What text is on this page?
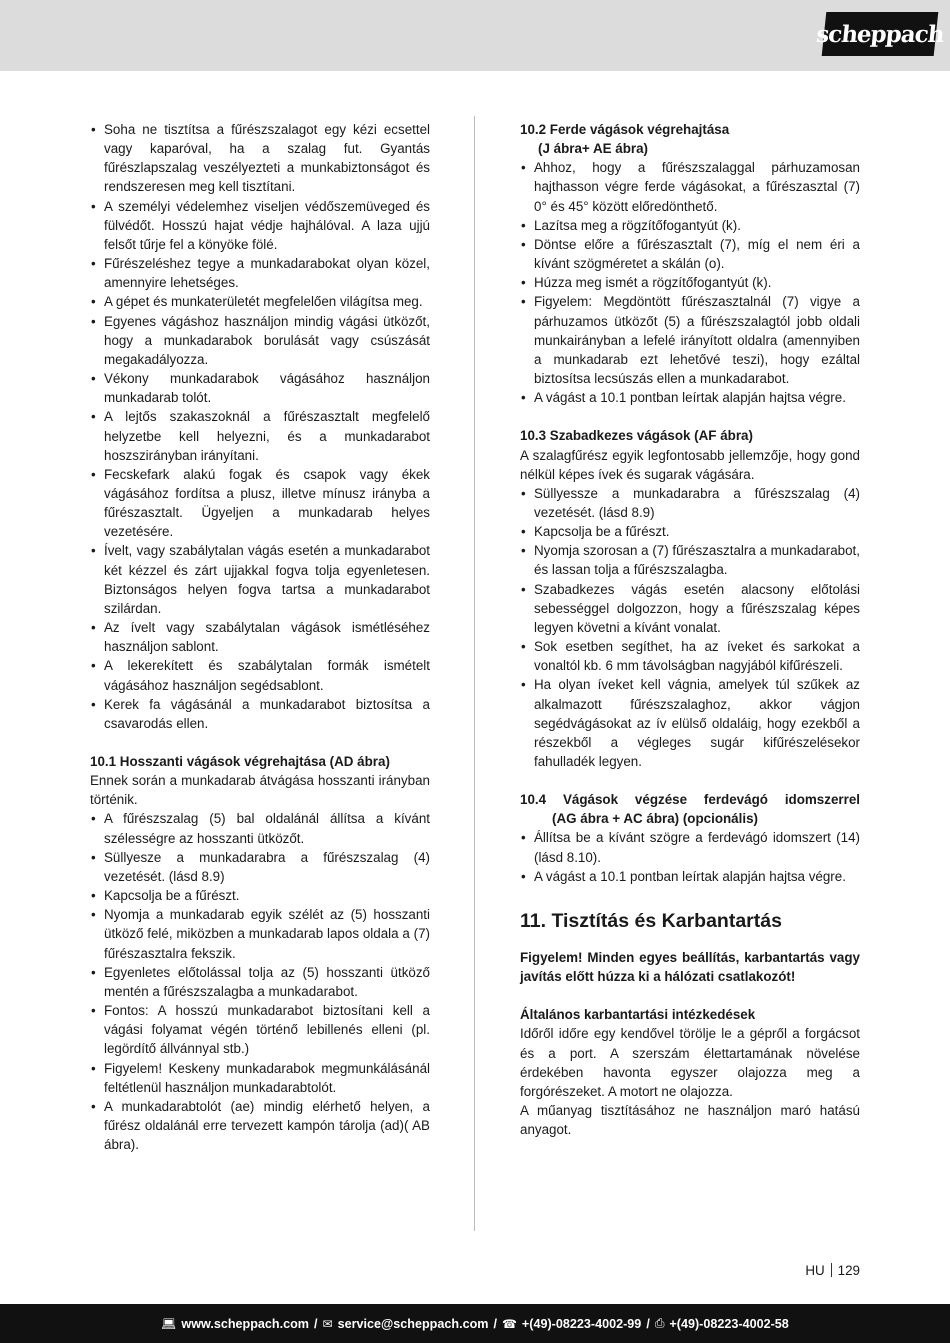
scheppach
• Soha ne tisztítsa a fűrészszalagot egy kézi ecsettel vagy kaparóval, ha a szalag fut. Gyantás fűrészlapszalag veszélyezteti a munkabiztonságot és rendszeresen meg kell tisztítani.
• A személyi védelemhez viseljen védőszemüveged és fülvédőt. Hosszú hajat védje hajhálóval. A laza ujjú felsőt tűrje fel a könyöke fölé.
• Fűrészeléshez tegye a munkadarabokat olyan közel, amennyire lehetséges.
• A gépet és munkaterületét megfelelően világítsa meg.
• Egyenes vágáshoz használjon mindig vágási ütközőt, hogy a munkadarabok borulását vagy csúszását megakadályozza.
• Vékony munkadarabok vágásához használjon munkadarab tolót.
• A lejtős szakaszoknál a fűrészasztalt megfelelő helyzetbe kell helyezni, és a munkadarabot hoszszirányban irányítani.
• Fecskefark alakú fogak és csapok vagy ékek vágásához fordítsa a plusz, illetve mínusz irányba a fűrészasztalt. Ügyeljen a munkadarab helyes vezetésére.
• Ívelt, vagy szabálytalan vágás esetén a munkadarabot két kézzel és zárt ujjakkal fogva tolja egyenletesen. Biztonságos helyen fogva tartsa a munkadarabot szilárdan.
• Az ívelt vagy szabálytalan vágások ismétléséhez használjon sablont.
• A lekerekített és szabálytalan formák ismételt vágásához használjon segédsablont.
• Kerek fa vágásánál a munkadarabot biztosítsa a csavarodás ellen.
10.1 Hosszanti vágások végrehajtása (AD ábra)

Ennek során a munkadarab átvágása hosszanti irányban történik.

• A fűrészszalag (5) bal oldalánál állítsa a kívánt szélességre az hosszanti ütközőt.
• Süllyesze a munkadarabra a fűrészszalag (4) vezetését. (lásd 8.9)
• Kapcsolja be a fűrészt.
• Nyomja a munkadarab egyik szélét az (5) hosszanti ütköző felé, miközben a munkadarab lapos oldala a (7) fűrészasztalra fekszik.
• Egyenletes előtolással tolja az (5) hosszanti ütköző mentén a fűrészszalagba a munkadarabot.
• Fontos: A hosszú munkadarabot biztosítani kell a vágási folyamat végén történő lebillenés elleni (pl. legördítő állvánnyal stb.)
• Figyelem! Keskeny munkadarabok megmunkálásánál feltétlenül használjon munkadarabtolót.
• A munkadarabtolót (ae) mindig elérhető helyen, a fűrész oldalánál erre tervezett kampón tárolja (ad)( AB ábra).
10.2 Ferde vágások végrehajtása
(J ábra+ AE ábra)
• Ahhoz, hogy a fűrészszalaggal párhuzamosan hajthasson végre ferde vágásokat, a fűrészasztal (7) 0° és 45° között előredönthető.
• Lazítsa meg a rögzítőfogantyút (k).
• Döntse előre a fűrészasztalt (7), míg el nem éri a kívánt szögméretet a skálán (o).
• Húzza meg ismét a rögzítőfogantyút (k).
• Figyelem: Megdöntött fűrészasztalnál (7) vigye a párhuzamos ütközőt (5) a fűrészszalagtól jobb oldali munkairányban a lefelé irányított oldalra (amennyiben a munkadarab ezt lehetővé teszi), hogy ezáltal biztosítsa lecsúszás ellen a munkadarabot.
• A vágást a 10.1 pontban leírtak alapján hajtsa végre.
10.3 Szabadkezes vágások (AF ábra)

A szalagfűrész egyik legfontosabb jellemzője, hogy gond nélkül képes ívek és sugarak vágására.

• Süllyessze a munkadarabra a fűrészszalag (4) vezetését. (lásd 8.9)
• Kapcsolja be a fűrészt.
• Nyomja szorosan a (7) fűrészasztalra a munkadarabot, és lassan tolja a fűrészszalagba.
• Szabadkezes vágás esetén alacsony előtolási sebességgel dolgozzon, hogy a fűrészszalag képes legyen követni a kívánt vonalat.
• Sok esetben segíthet, ha az íveket és sarkokat a vonaltól kb. 6 mm távolságban nagyjából kifűrészeli.
• Ha olyan íveket kell vágnia, amelyek túl szűkek az alkalmazott fűrészszalaghoz, akkor vágjon segédvágásokat az ív elülső oldaláig, hogy ezekből a részekből a végleges sugár kifűrészelésekor fahulladék legyen.
10.4 Vágások végzése ferdevágó idomszerrel
(AG ábra + AC ábra) (opcionális)
• Állítsa be a kívánt szögre a ferdevágó idomszert (14) (lásd 8.10).
• A vágást a 10.1 pontban leírtak alapján hajtsa végre.
11. Tisztítás és Karbantartás

Figyelem! Minden egyes beállítás, karbantartás vagy javítás előtt húzza ki a hálózati csatlakozót!

Általános karbantartási intézkedések

Időről időre egy kendővel törölje le a gépről a forgácsot és a port. A szerszám élettartamának növelése érdekében havonta egyszer olajozza meg a forgórészeket. A motort ne olajozza.

A műanyag tisztításához ne használjon maró hatású anyagot.

HU 129
💻︎ www.scheppach.com / ✉︎ service@scheppach.com / ☎︎ +(49)-08223-4002-99 / ⎙ +(49)-08223-4002-58
